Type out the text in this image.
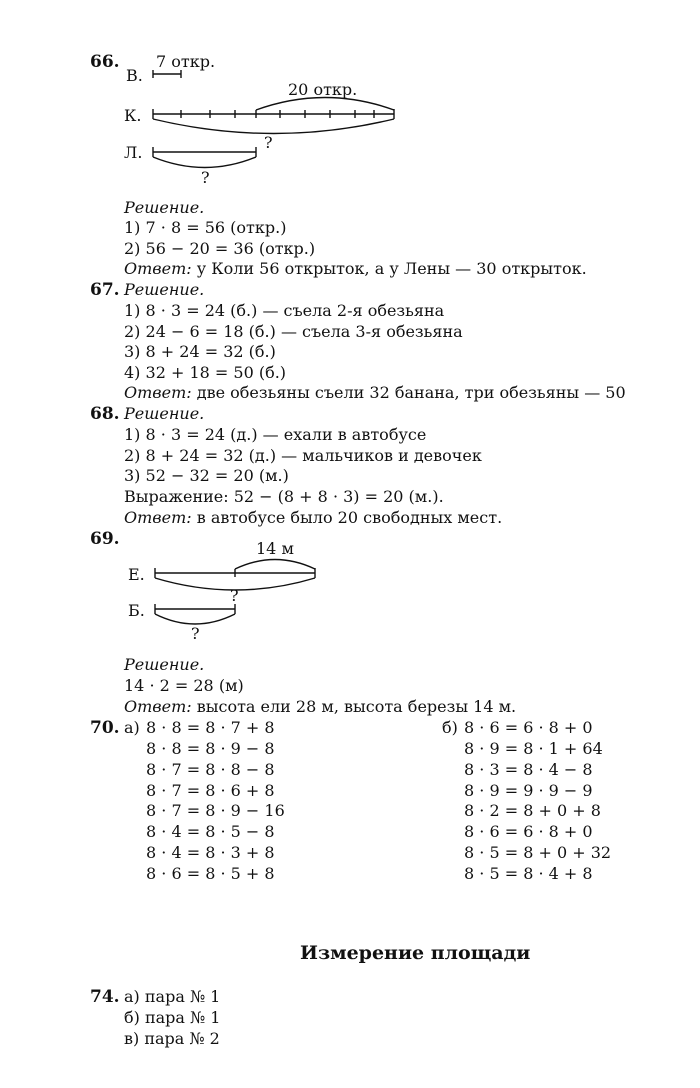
66. 7 откр.
В.
20 откр.
К.
Л.
?
?
Решение.
1) 7 · 8 = 56 (откр.)
2) 56 − 20 = 36 (откр.)
Ответ: у Коли 56 открыток, а у Лены — 30 открыток.
67. Решение.
1) 8 · 3 = 24 (б.) — съела 2-я обезьяна
2) 24 − 6 = 18 (б.) — съела 3-я обезьяна
3) 8 + 24 = 32 (б.)
4) 32 + 18 = 50 (б.)
Ответ: две обезьяны съели 32 банана, три обезьяны — 50
68. Решение.
1) 8 · 3 = 24 (д.) — ехали в автобусе
2) 8 + 24 = 32 (д.) — мальчиков и девочек
3) 52 − 32 = 20 (м.)
Выражение: 52 − (8 + 8 · 3) = 20 (м.).
Ответ: в автобусе было 20 свободных мест.
69.	14 м
Е.
?
Б.
?
Решение.
14 · 2 = 28 (м)
Ответ: высота ели 28 м, высота березы 14 м.
70. а)	б)
8 · 8 = 8 · 7 + 8
8 · 8 = 8 · 9 − 8
8 · 7 = 8 · 8 − 8
8 · 7 = 8 · 6 + 8
8 · 7 = 8 · 9 − 16
8 · 4 = 8 · 5 − 8
8 · 4 = 8 · 3 + 8
8 · 6 = 8 · 5 + 8
8 · 6 = 6 · 8 + 0
8 · 9 = 8 · 1 + 64
8 · 3 = 8 · 4 − 8
8 · 9 = 9 · 9 − 9
8 · 2 = 8 + 0 + 8
8 · 6 = 6 · 8 + 0
8 · 5 = 8 + 0 + 32
8 · 5 = 8 · 4 + 8
Измерение площади
74. а) пара № 1
б) пара № 1
в) пара № 2
